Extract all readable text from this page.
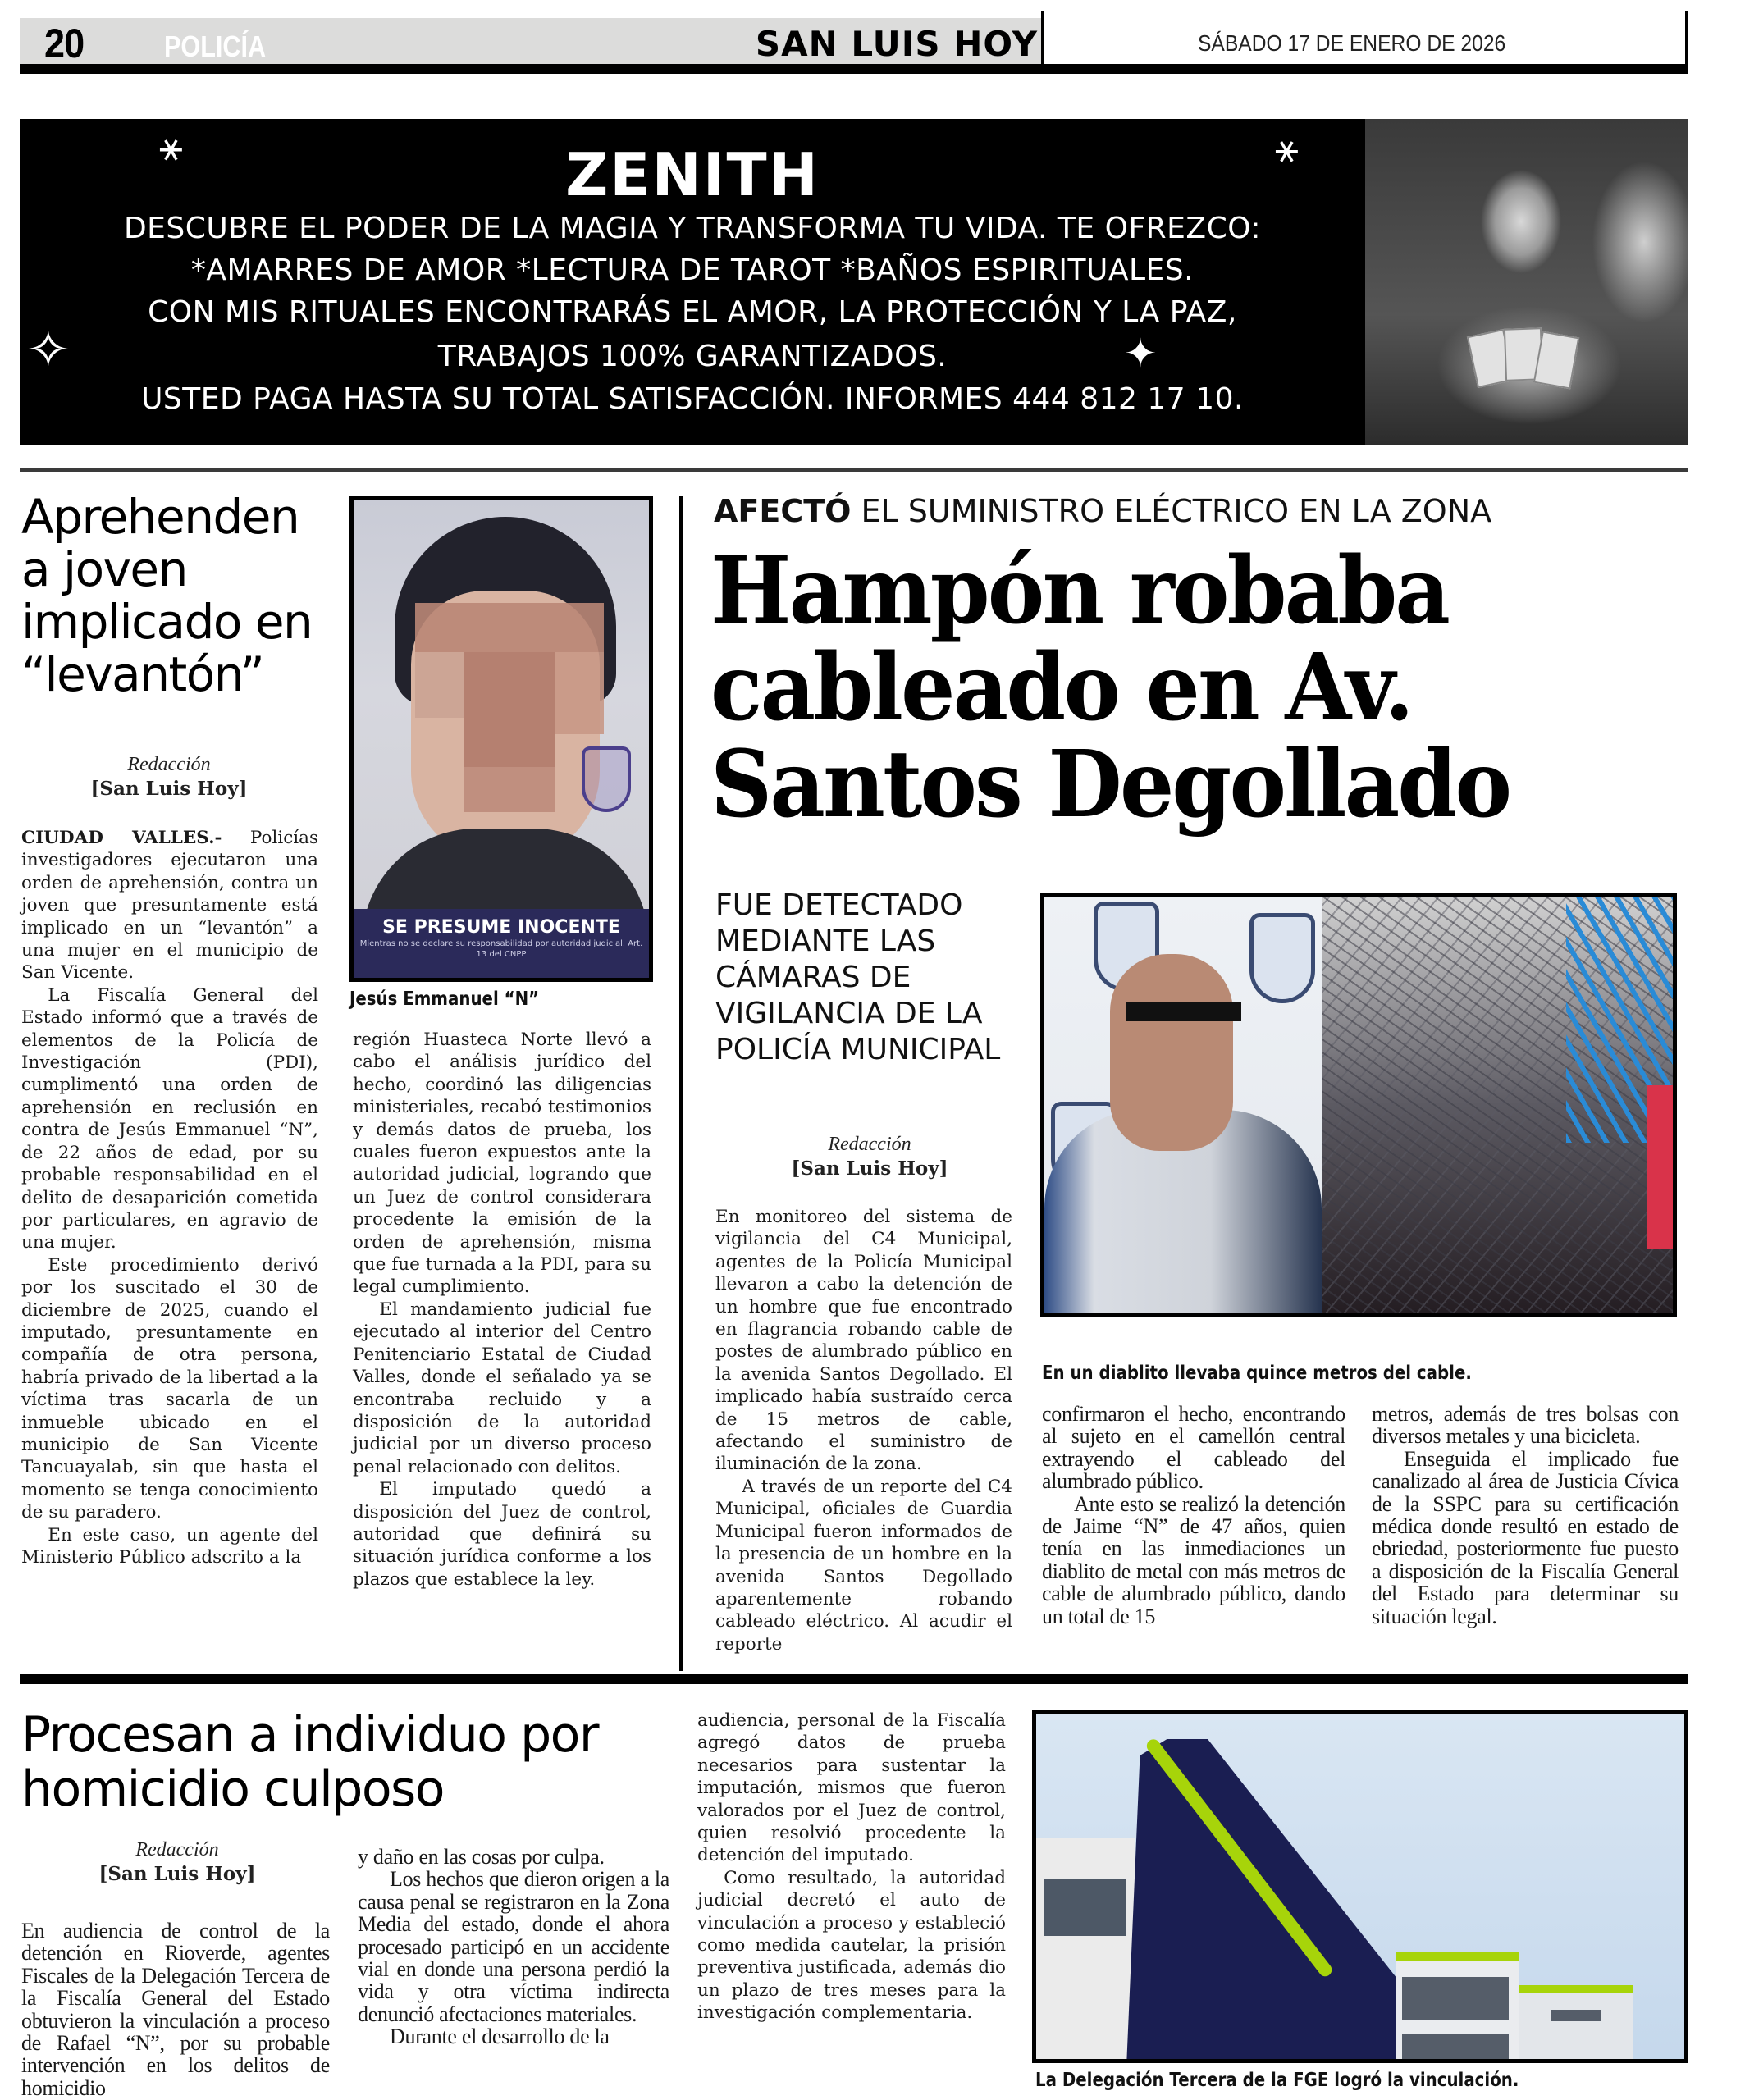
20	POLICÍA	SAN LUIS HOY	SÁBADO 17 DE ENERO DE 2026
⚹	⚹
✧	✦
ZENITH
DESCUBRE EL PODER DE LA MAGIA Y TRANSFORMA TU VIDA. TE OFREZCO:
*AMARRES DE AMOR *LECTURA DE TAROT *BAÑOS ESPIRITUALES.
CON MIS RITUALES ENCONTRARÁS EL AMOR, LA PROTECCIÓN Y LA PAZ,
TRABAJOS 100% GARANTIZADOS.
USTED PAGA HASTA SU TOTAL SATISFACCIÓN. INFORMES 444 812 17 10.
Aprehenden a joven implicado en “levantón”
Redacción
[San Luis Hoy]
SE PRESUME INOCENTE
Mientras no se declare su responsabilidad por autoridad judicial. Art. 13 del CNPP
Jesús Emmanuel “N”

CIUDAD VALLES.- Policías investigadores ejecutaron una orden de aprehensión, contra un joven que presuntamente está implicado en un “levantón” a una mujer en el municipio de San Vicente.

La Fiscalía General del Estado informó que a través de elementos de la Policía de Investigación (PDI), cumplimentó una orden de aprehensión en reclusión en contra de Jesús Emmanuel “N”, de 22 años de edad, por su probable responsabilidad en el delito de desaparición cometida por particulares, en agravio de una mujer.

Este procedimiento derivó por los suscitado el 30 de diciembre de 2025, cuando el imputado, presuntamente en compañía de otra persona, habría privado de la libertad a la víctima tras sacarla de un inmueble ubicado en el municipio de San Vicente Tancuayalab, sin que hasta el momento se tenga conocimiento de su paradero.

En este caso, un agente del Ministerio Público adscrito a la

región Huasteca Norte llevó a cabo el análisis jurídico del hecho, coordinó las diligencias ministeriales, recabó testimonios y demás datos de prueba, los cuales fueron expuestos ante la autoridad judicial, logrando que un Juez de control considerara procedente la emisión de la orden de aprehensión, misma que fue turnada a la PDI, para su legal cumplimiento.

El mandamiento judicial fue ejecutado al interior del Centro Penitenciario Estatal de Ciudad Valles, donde el señalado ya se encontraba recluido y a disposición de la autoridad judicial por un diverso proceso penal relacionado con delitos.

El imputado quedó a disposición del Juez de control, autoridad que definirá su situación jurídica conforme a los plazos que establece la ley.

AFECTÓ EL SUMINISTRO ELÉCTRICO EN LA ZONA
Hampón robaba cableado en Av. Santos Degollado
FUE DETECTADO MEDIANTE LAS CÁMARAS DE VIGILANCIA DE LA POLICÍA MUNICIPAL
Redacción
[San Luis Hoy]
En un diablito llevaba quince metros del cable.

En monitoreo del sistema de vigilancia del C4 Municipal, agentes de la Policía Municipal llevaron a cabo la detención de un hombre que fue encontrado en flagrancia robando cable de postes de alumbrado público en la avenida Santos Degollado. El implicado había sustraído cerca de 15 metros de cable, afectando el suministro de iluminación de la zona.

A través de un reporte del C4 Municipal, oficiales de Guardia Municipal fueron informados de la presencia de un hombre en la avenida Santos Degollado aparentemente robando cableado eléctrico. Al acudir el reporte

confirmaron el hecho, encontrando al sujeto en el camellón central extrayendo el cableado del alumbrado público.

Ante esto se realizó la detención de Jaime “N” de 47 años, quien tenía en las inmediaciones un diablito de metal con más metros de cable de alumbrado público, dando un total de 15

metros, además de tres bolsas con diversos metales y una bicicleta.

Enseguida el implicado fue canalizado al área de Justicia Cívica de la SSPC para su certificación médica donde resultó en estado de ebriedad, posteriormente fue puesto a disposición de la Fiscalía General del Estado para determinar su situación legal.

Procesan a individuo por homicidio culposo
Redacción
[San Luis Hoy]

En audiencia de control de la detención en Rioverde, agentes Fiscales de la Delegación Tercera de la Fiscalía General del Estado obtuvieron la vinculación a proceso de Rafael “N”, por su probable intervención en los delitos de homicidio

y daño en las cosas por culpa.

Los hechos que dieron origen a la causa penal se registraron en la Zona Media del estado, donde el ahora procesado participó en un accidente vial en donde una persona perdió la vida y otra víctima indirecta denunció afectaciones materiales.

Durante el desarrollo de la

audiencia, personal de la Fiscalía agregó datos de prueba necesarios para sustentar la imputación, mismos que fueron valorados por el Juez de control, quien resolvió procedente la detención del imputado.

Como resultado, la autoridad judicial decretó el auto de vinculación a proceso y estableció como medida cautelar, la prisión preventiva justificada, además dio un plazo de tres meses para la investigación complementaria.

La Delegación Tercera de la FGE logró la vinculación.
